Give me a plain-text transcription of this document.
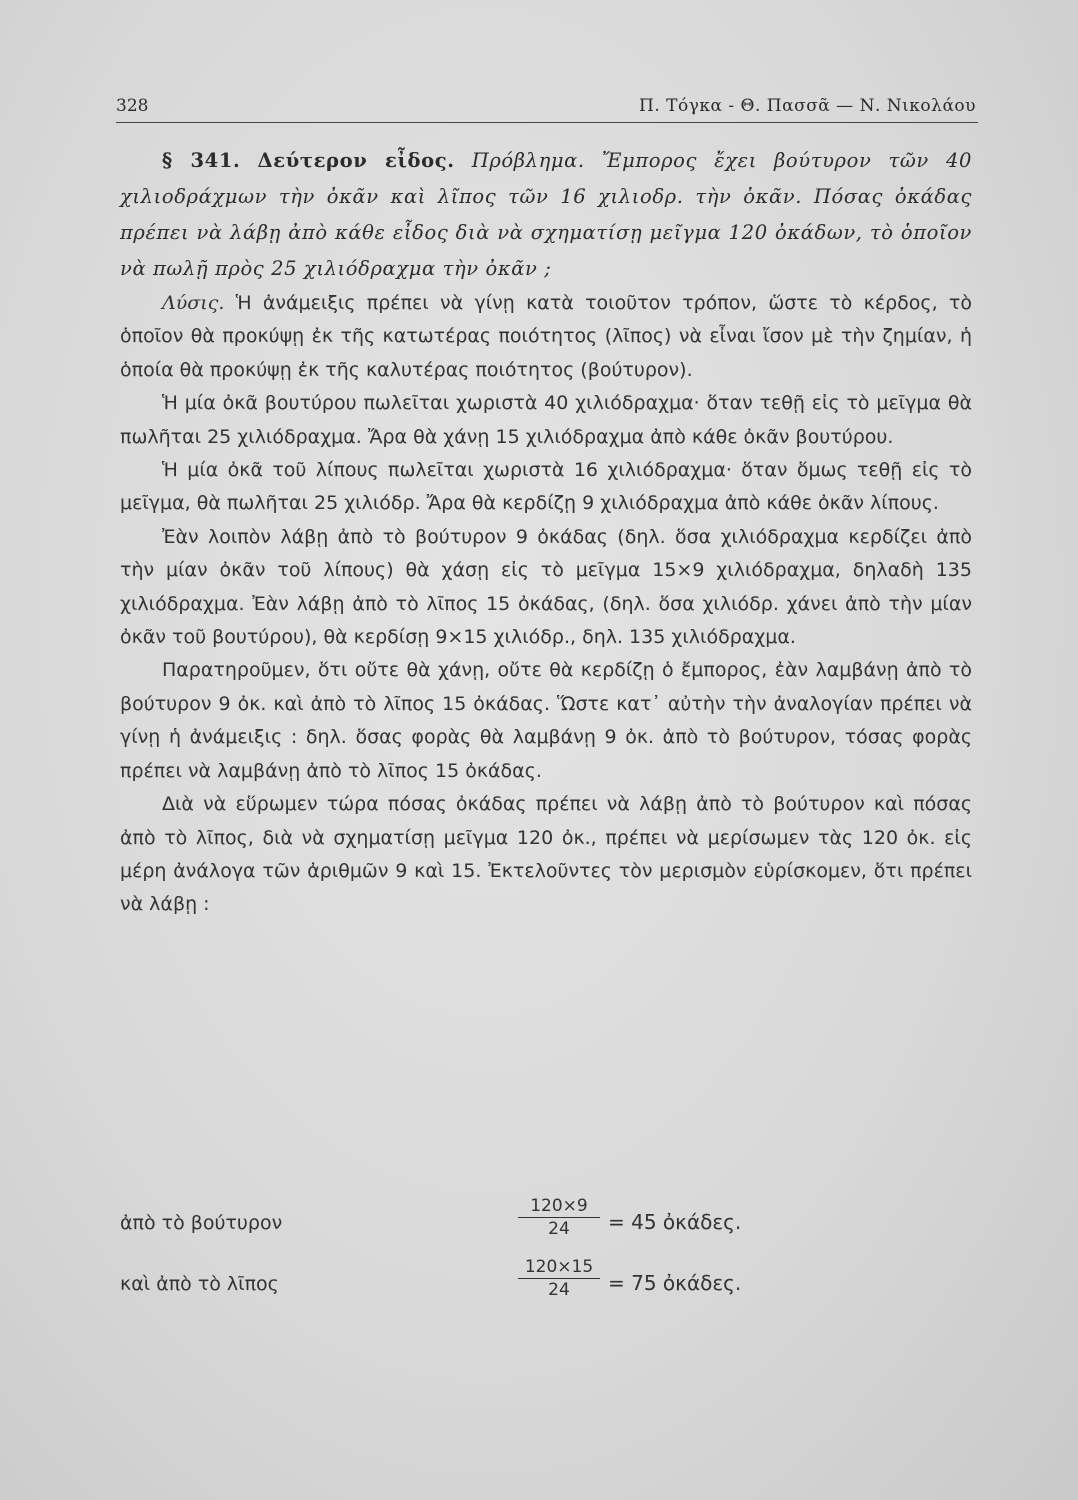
328	Π. Τόγκα - Θ. Πασσᾶ — Ν. Νικολάου

§ 341. Δεύτερον εἶδος. Πρόβλημα. Ἔμπορος ἔχει βούτυρον τῶν 40 χιλιοδράχμων τὴν ὀκᾶν καὶ λῖπος τῶν 16 χιλιοδρ. τὴν ὀκᾶν. Πόσας ὀκάδας πρέπει νὰ λάβῃ ἀπὸ κάθε εἶδος διὰ νὰ σχηματίσῃ μεῖγμα 120 ὀκάδων, τὸ ὁποῖον νὰ πωλῇ πρὸς 25 χιλιόδραχμα τὴν ὀκᾶν ;

Λύσις. Ἡ ἀνάμειξις πρέπει νὰ γίνῃ κατὰ τοιοῦτον τρόπον, ὥστε τὸ κέρδος, τὸ ὁποῖον θὰ προκύψῃ ἐκ τῆς κατωτέρας ποιότητος (λῖπος) νὰ εἶναι ἴσον μὲ τὴν ζημίαν, ἡ ὁποία θὰ προκύψῃ ἐκ τῆς καλυτέρας ποιότητος (βούτυρον).

Ἡ μία ὀκᾶ βουτύρου πωλεῖται χωριστὰ 40 χιλιόδραχμα· ὅταν τεθῇ εἰς τὸ μεῖγμα θὰ πωλῆται 25 χιλιόδραχμα. Ἄρα θὰ χάνῃ 15 χιλιόδραχμα ἀπὸ κάθε ὀκᾶν βουτύρου.

Ἡ μία ὀκᾶ τοῦ λίπους πωλεῖται χωριστὰ 16 χιλιόδραχμα· ὅταν ὅμως τεθῇ εἰς τὸ μεῖγμα, θὰ πωλῆται 25 χιλιόδρ. Ἄρα θὰ κερδίζῃ 9 χιλιόδραχμα ἀπὸ κάθε ὀκᾶν λίπους.

Ἐὰν λοιπὸν λάβῃ ἀπὸ τὸ βούτυρον 9 ὀκάδας (δηλ. ὅσα χιλιόδραχμα κερδίζει ἀπὸ τὴν μίαν ὀκᾶν τοῦ λίπους) θὰ χάσῃ εἰς τὸ μεῖγμα 15×9 χιλιόδραχμα, δηλαδὴ 135 χιλιόδραχμα. Ἐὰν λάβῃ ἀπὸ τὸ λῖπος 15 ὀκάδας, (δηλ. ὅσα χιλιόδρ. χάνει ἀπὸ τὴν μίαν ὀκᾶν τοῦ βουτύρου), θὰ κερδίσῃ 9×15 χιλιόδρ., δηλ. 135 χιλιόδραχμα.

Παρατηροῦμεν, ὅτι οὔτε θὰ χάνῃ, οὔτε θὰ κερδίζῃ ὁ ἔμπορος, ἐὰν λαμβάνῃ ἀπὸ τὸ βούτυρον 9 ὀκ. καὶ ἀπὸ τὸ λῖπος 15 ὀκάδας. Ὥστε κατ᾽ αὐτὴν τὴν ἀναλογίαν πρέπει νὰ γίνῃ ἡ ἀνάμειξις : δηλ. ὅσας φορὰς θὰ λαμβάνῃ 9 ὀκ. ἀπὸ τὸ βούτυρον, τόσας φορὰς πρέπει νὰ λαμβάνῃ ἀπὸ τὸ λῖπος 15 ὀκάδας.

Διὰ νὰ εὕρωμεν τώρα πόσας ὀκάδας πρέπει νὰ λάβῃ ἀπὸ τὸ βούτυρον καὶ πόσας ἀπὸ τὸ λῖπος, διὰ νὰ σχηματίσῃ μεῖγμα 120 ὀκ., πρέπει νὰ μερίσωμεν τὰς 120 ὀκ. εἰς μέρη ἀνάλογα τῶν ἀριθμῶν 9 καὶ 15. Ἐκτελοῦντες τὸν μερισμὸν εὑρίσκομεν, ὅτι πρέπει νὰ λάβῃ :

ἀπὸ τὸ βούτυρον	$\frac{120\times 9}{24} = 45$ ὀκάδες.
καὶ ἀπὸ τὸ λῖπος	$\frac{120\times 15}{24} = 75$ ὀκάδες.
